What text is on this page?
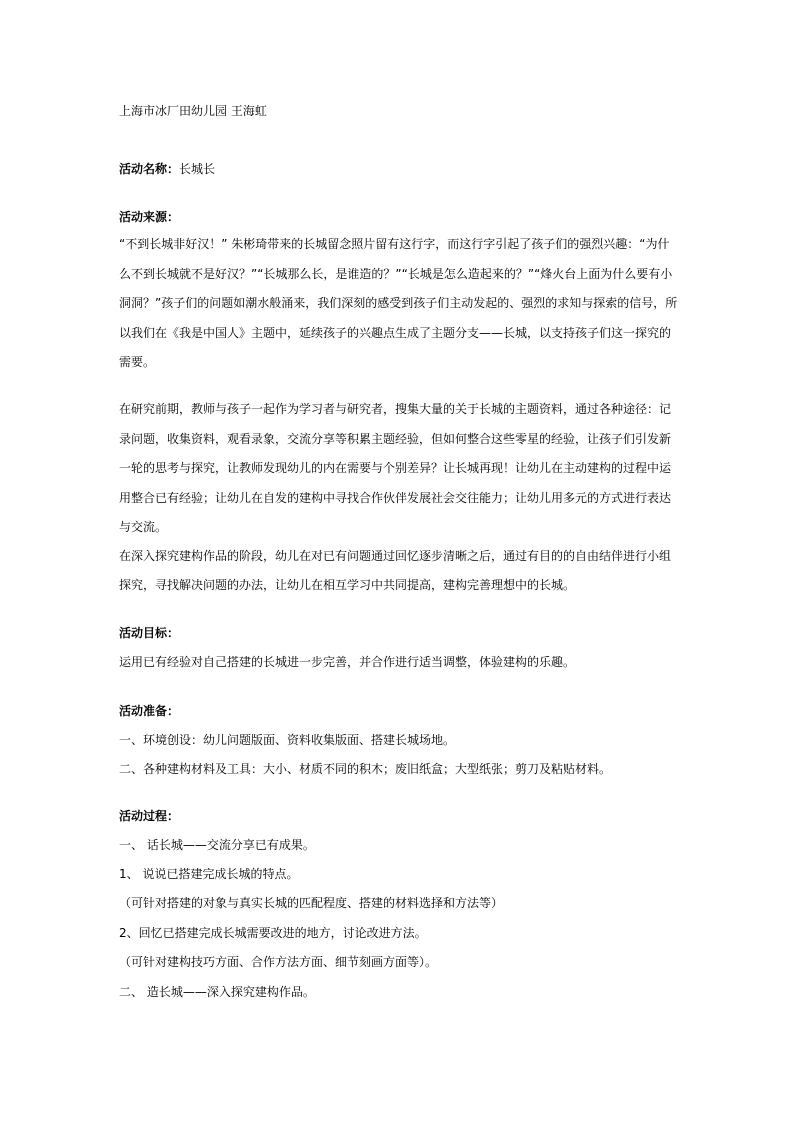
上海市冰厂田幼儿园 王海虹
活动名称：长城长
活动来源：
“不到长城非好汉！” 朱彬琦带来的长城留念照片留有这行字，而这行字引起了孩子们的强烈兴趣：“为什
么不到长城就不是好汉？”“长城那么长，是谁造的？”“长城是怎么造起来的？”“烽火台上面为什么要有小
洞洞？”孩子们的问题如潮水般涌来，我们深刻的感受到孩子们主动发起的、强烈的求知与探索的信号，所
以我们在《我是中国人》主题中，延续孩子的兴趣点生成了主题分支——长城，以支持孩子们这一探究的
需要。
在研究前期，教师与孩子一起作为学习者与研究者，搜集大量的关于长城的主题资料，通过各种途径：记
录问题，收集资料，观看录象，交流分享等积累主题经验，但如何整合这些零星的经验，让孩子们引发新
一轮的思考与探究，让教师发现幼儿的内在需要与个别差异？让长城再现！让幼儿在主动建构的过程中运
用整合已有经验；让幼儿在自发的建构中寻找合作伙伴发展社会交往能力；让幼儿用多元的方式进行表达
与交流。
在深入探究建构作品的阶段，幼儿在对已有问题通过回忆逐步清晰之后，通过有目的的自由结伴进行小组
探究，寻找解决问题的办法，让幼儿在相互学习中共同提高，建构完善理想中的长城。
活动目标：
运用已有经验对自己搭建的长城进一步完善，并合作进行适当调整，体验建构的乐趣。
活动准备：
一、环境创设：幼儿问题版面、资料收集版面、搭建长城场地。
二、各种建构材料及工具：大小、材质不同的积木；废旧纸盒；大型纸张；剪刀及粘贴材料。
活动过程：
一、 话长城——交流分享已有成果。
1、 说说已搭建完成长城的特点。
（可针对搭建的对象与真实长城的匹配程度、搭建的材料选择和方法等）
2、回忆已搭建完成长城需要改进的地方，讨论改进方法。
（可针对建构技巧方面、合作方法方面、细节刻画方面等）。
二、 造长城——深入探究建构作品。
